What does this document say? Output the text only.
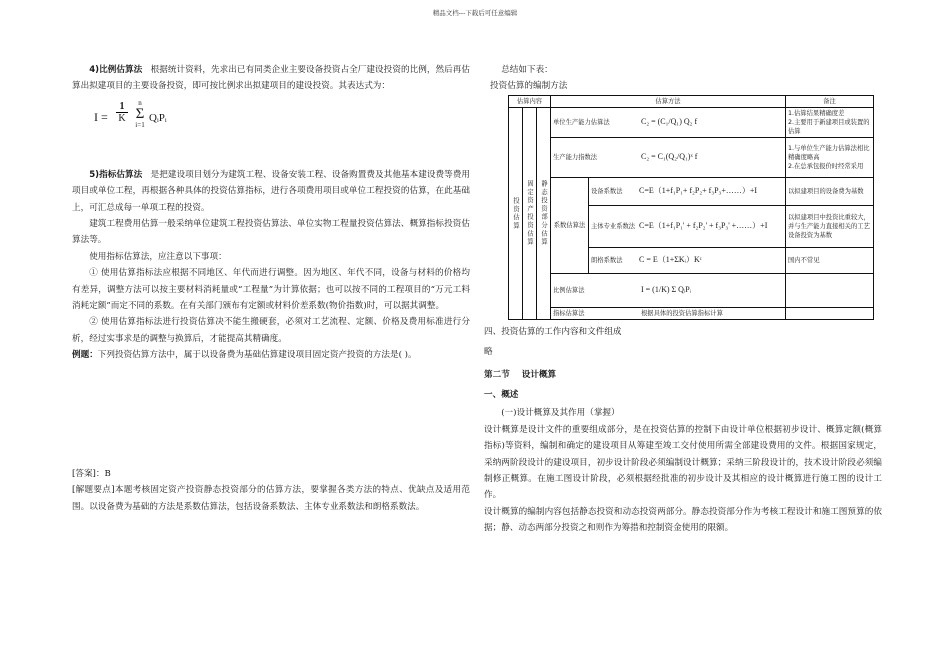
精品文档---下载后可任意编辑

4)比例估算法 根据统计资料，先求出已有同类企业主要设备投资占全厂建设投资的比例，然后再估算出拟建项目的主要设备投资，即可按比例求出拟建项目的建设投资。其表达式为：

$I = \frac{1}{K}$	n
Σ
i=1
QᵢPᵢ

5)指标估算法 是把建设项目划分为建筑工程、设备安装工程、设备购置费及其他基本建设费等费用项目或单位工程，再根据各种具体的投资估算指标，进行各项费用项目或单位工程投资的估算，在此基础上，可汇总成每一单项工程的投资。

建筑工程费用估算一般采纳单位建筑工程投资估算法、单位实物工程量投资估算法、概算指标投资估算法等。

使用指标估算法，应注意以下事项：

① 使用估算指标法应根据不同地区、年代而进行调整。因为地区、年代不同，设备与材料的价格均有差异，调整方法可以按主要材料消耗量或“工程量”为计算依据；也可以按不同的工程项目的“万元工料消耗定额”而定不同的系数。在有关部门颁布有定额或材料价差系数(物价指数)时，可以据其调整。

② 使用估算指标法进行投资估算决不能生搬硬套，必须对工艺流程、定额、价格及费用标准进行分析，经过实事求是的调整与换算后，才能提高其精确度。

例题：下列投资估算方法中，属于以设备费为基础估算建设项目固定资产投资的方法是( )。

[答案]：B

[解题要点]本题考核固定资产投资静态投资部分的估算方法，要掌握各类方法的特点、优缺点及适用范围。以设备费为基础的方法是系数估算法，包括设备系数法、主体专业系数法和朗格系数法。

总结如下表：

投资估算的编制方法

估算内容			估算方法		备注
投资估算	固定资产投资估算	静态投资部分估算	单位生产能力估算法 C₂ = (C₁/Q₁) Q₂ f		1.估算结果精确度差
2.主要用于新建项目或装置的估算
			生产能力指数法 C₂ = C₁(Q₂/Q₁)ˣ f		1.与单位生产能力估算法相比精确度略高
2.在总承包报价时经常采用
			系数估算法	设备系数法 C=E（1+f₁P₁+ f₂P₂+ f₃P₃+……）+I	以拟建项目的设备费为基数
				主体专业系数法 C=E（1+f₁P₁' + f₂P₂' + f₃P₃' +……）+I	以拟建项目中投资比重较大，并与生产能力直接相关的工艺设备投资为基数
				朗格系数法 C = E（1+ΣKᵢ）Kᶜ	国内不常见
			比例估算法 I = (1/K) Σ QᵢPᵢ		
			指标估算法 根据具体的投资估算指标计算		

四、投资估算的工作内容和文件组成

略

第二节 设计概算

一、概述

(一)设计概算及其作用（掌握）

设计概算是设计文件的重要组成部分，是在投资估算的控制下由设计单位根据初步设计、概算定额(概算指标)等资料，编制和确定的建设项目从筹建至竣工交付使用所需全部建设费用的文件。根据国家规定，采纳两阶段设计的建设项目，初步设计阶段必须编制设计概算；采纳三阶段设计的，技术设计阶段必须编制修正概算。在施工图设计阶段，必须根据经批准的初步设计及其相应的设计概算进行施工图的设计工作。

设计概算的编制内容包括静态投资和动态投资两部分。静态投资部分作为考核工程设计和施工图预算的依据；静、动态两部分投资之和则作为筹措和控制资金使用的限额。
